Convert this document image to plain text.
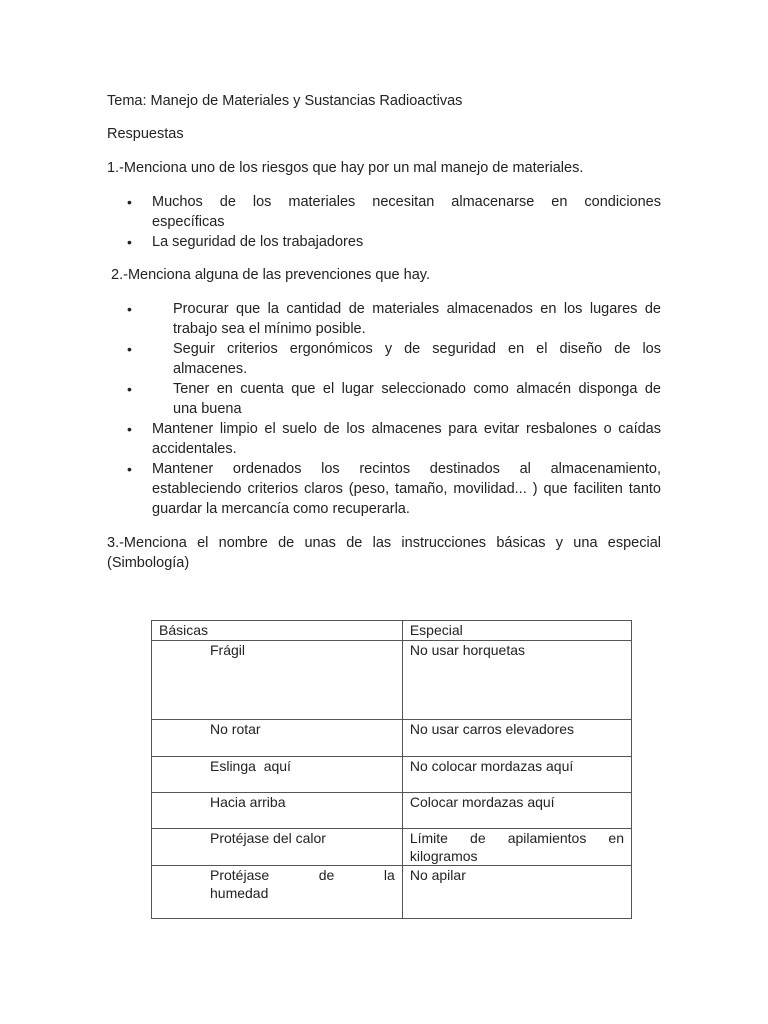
Tema: Manejo de Materiales y Sustancias Radioactivas
Respuestas
1.-Menciona uno de los riesgos que hay por un mal manejo de materiales.
• Muchos de los materiales necesitan almacenarse en condiciones
específicas
• La seguridad de los trabajadores
2.-Menciona alguna de las prevenciones que hay.
• Procurar que la cantidad de materiales almacenados en los lugares de
trabajo sea el mínimo posible.
• Seguir criterios ergonómicos y de seguridad en el diseño de los
almacenes.
• Tener en cuenta que el lugar seleccionado como almacén disponga de
una buena
• Mantener limpio el suelo de los almacenes para evitar resbalones o caídas
accidentales.
• Mantener ordenados los recintos destinados al almacenamiento,
estableciendo criterios claros (peso, tamaño, movilidad... ) que faciliten tanto
guardar la mercancía como recuperarla.
3.-Menciona el nombre de unas de las instrucciones básicas y una especial
(Simbología)
Básicas	Especial
Frágil	No usar horquetas
No rotar	No usar carros elevadores
Eslinga  aquí	No colocar mordazas aquí
Hacia arriba	Colocar mordazas aquí
Protéjase del calor	Límite de apilamientos en
kilogramos

Protéjase de la
humedad	No apilar
